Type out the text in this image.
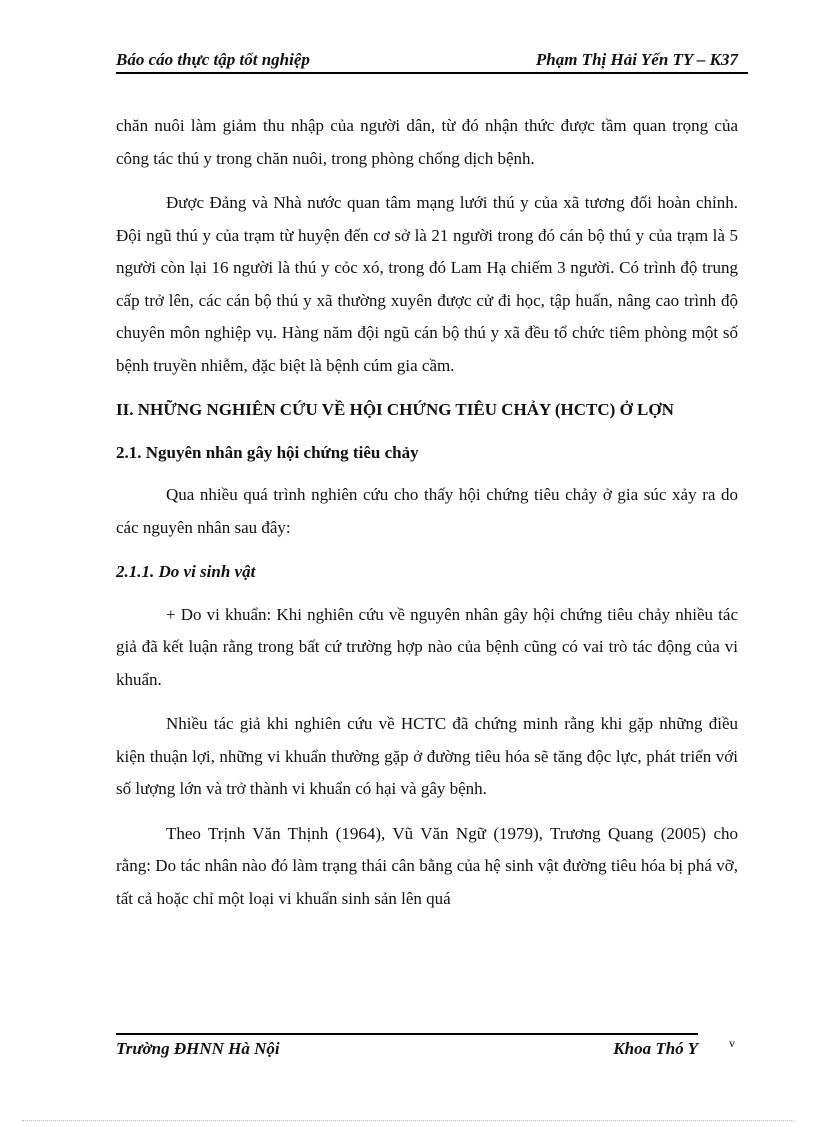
Báo cáo thực tập tốt nghiệp	Phạm Thị Hải Yến TY – K37

chăn nuôi làm giảm thu nhập của người dân, từ đó nhận thức được tầm quan trọng của công tác thú y trong chăn nuôi, trong phòng chống dịch bệnh.

Được Đảng và Nhà nước quan tâm mạng lưới thú y của xã tương đối hoàn chỉnh. Đội ngũ thú y của trạm từ huyện đến cơ sở là 21 người trong đó cán bộ thú y của trạm là 5 người còn lại 16 người là thú y cỏc xó, trong đó Lam Hạ chiếm 3 người. Có trình độ trung cấp trở lên, các cán bộ thú y xã thường xuyên được cử đi học, tập huấn, nâng cao trình độ chuyên môn nghiệp vụ. Hàng năm đội ngũ cán bộ thú y xã đều tổ chức tiêm phòng một số bệnh truyền nhiễm, đặc biệt là bệnh cúm gia cầm.

II. NHỮNG NGHIÊN CỨU VỀ HỘI CHỨNG TIÊU CHẢY (HCTC) Ở LỢN
2.1. Nguyên nhân gây hội chứng tiêu chảy

Qua nhiều quá trình nghiên cứu cho thấy hội chứng tiêu chảy ở gia súc xảy ra do các nguyên nhân sau đây:

2.1.1. Do vi sinh vật

+ Do vi khuẩn: Khi nghiên cứu về nguyên nhân gây hội chứng tiêu chảy nhiều tác giả đã kết luận rằng trong bất cứ trường hợp nào của bệnh cũng có vai trò tác động của vi khuẩn.

Nhiều tác giả khi nghiên cứu về HCTC đã chứng minh rằng khi gặp những điều kiện thuận lợi, những vi khuẩn thường gặp ở đường tiêu hóa sẽ tăng độc lực, phát triển với số lượng lớn và trở thành vi khuẩn có hại và gây bệnh.

Theo Trịnh Văn Thịnh (1964), Vũ Văn Ngữ (1979), Trương Quang (2005) cho rằng: Do tác nhân nào đó làm trạng thái cân bằng của hệ sinh vật đường tiêu hóa bị phá vỡ, tất cả hoặc chỉ một loại vi khuẩn sinh sản lên quá

Trường ĐHNN Hà Nội	Khoa Thó Y	v
